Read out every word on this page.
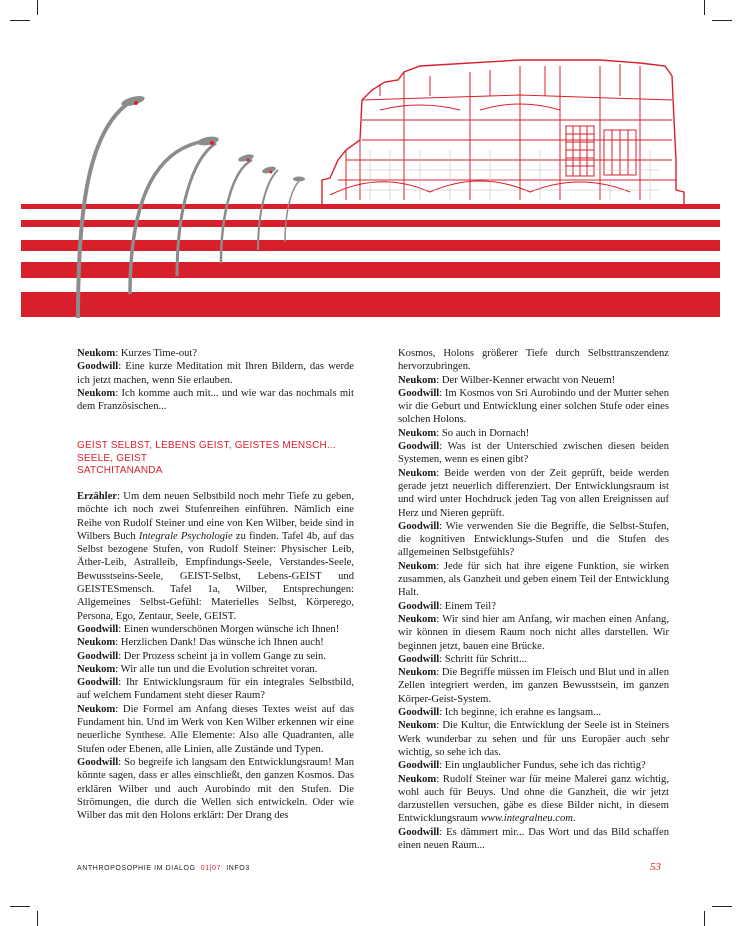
Neukom: Kurzes Time-out?

Goodwill: Eine kurze Meditation mit Ihren Bildern, das werde ich jetzt machen, wenn Sie erlauben.

Neukom: Ich komme auch mit... und wie war das nochmals mit dem Französischen...

GEIST SELBST, LEBENS GEIST, GEISTES MENSCH...
SEELE, GEIST
SATCHITANANDA

Erzähler: Um dem neuen Selbstbild noch mehr Tiefe zu geben, möchte ich noch zwei Stufenreihen einführen. Nämlich eine Reihe von Rudolf Steiner und eine von Ken Wilber, beide sind in Wilbers Buch Integrale Psychologie zu finden. Tafel 4b, auf das Selbst bezogene Stufen, von Rudolf Steiner: Physischer Leib, Äther-Leib, Astralleib, Empfindungs-Seele, Verstandes-Seele, Bewusstseins-Seele, GEIST-Selbst, Lebens-GEIST und GEISTESmensch. Tafel 1a, Wilber, Entsprechungen: Allgemeines Selbst-Gefühl: Materielles Selbst, Körperego, Persona, Ego, Zentaur, Seele, GEIST.

Goodwill: Einen wunderschönen Morgen wünsche ich Ihnen!

Neukom: Herzlichen Dank! Das wünsche ich Ihnen auch!

Goodwill: Der Prozess scheint ja in vollem Gange zu sein.

Neukom: Wir alle tun und die Evolution schreitet voran.

Goodwill: Ihr Entwicklungsraum für ein integrales Selbstbild, auf welchem Fundament steht dieser Raum?

Neukom: Die Formel am Anfang dieses Textes weist auf das Fundament hin. Und im Werk von Ken Wilber erkennen wir eine neuerliche Synthese. Alle Elemente: Also alle Quadranten, alle Stufen oder Ebenen, alle Linien, alle Zustände und Typen.

Goodwill: So begreife ich langsam den Entwicklungsraum! Man könnte sagen, dass er alles einschließt, den ganzen Kosmos. Das erklären Wilber und auch Aurobindo mit den Stufen. Die Strömungen, die durch die Wellen sich entwickeln. Oder wie Wilber das mit den Holons erklärt: Der Drang des

Kosmos, Holons größerer Tiefe durch Selbsttranszendenz hervorzubringen.

Neukom: Der Wilber-Kenner erwacht von Neuem!

Goodwill: Im Kosmos von Sri Aurobindo und der Mutter sehen wir die Geburt und Entwicklung einer solchen Stufe oder eines solchen Holons.

Neukom: So auch in Dornach!

Goodwill: Was ist der Unterschied zwischen diesen beiden Systemen, wenn es einen gibt?

Neukom: Beide werden von der Zeit geprüft, beide werden gerade jetzt neuerlich differenziert. Der Entwicklungsraum ist und wird unter Hochdruck jeden Tag von allen Ereignissen auf Herz und Nieren geprüft.

Goodwill: Wie verwenden Sie die Begriffe, die Selbst-Stufen, die kognitiven Entwicklungs-Stufen und die Stufen des allgemeinen Selbstgefühls?

Neukom: Jede für sich hat ihre eigene Funktion, sie wirken zusammen, als Ganzheit und geben einem Teil der Entwicklung Halt.

Goodwill: Einem Teil?

Neukom: Wir sind hier am Anfang, wir machen einen Anfang, wir können in diesem Raum noch nicht alles darstellen. Wir beginnen jetzt, bauen eine Brücke.

Goodwill: Schritt für Schritt...

Neukom: Die Begriffe müssen im Fleisch und Blut und in allen Zellen integriert werden, im ganzen Bewusstsein, im ganzen Körper-Geist-System.

Goodwill: Ich beginne, ich erahne es langsam...

Neukom: Die Kultur, die Entwicklung der Seele ist in Steiners Werk wunderbar zu sehen und für uns Europäer auch sehr wichtig, so sehe ich das.

Goodwill: Ein unglaublicher Fundus, sehe ich das richtig?

Neukom: Rudolf Steiner war für meine Malerei ganz wichtig, wohl auch für Beuys. Und ohne die Ganzheit, die wir jetzt darzustellen versuchen, gäbe es diese Bilder nicht, in diesem Entwicklungsraum www.integralneu.com.

Goodwill: Es dämmert mir... Das Wort und das Bild schaffen einen neuen Raum...

ANTHROPOSOPHIE IM DIALOG 01|07 INFO3	53
